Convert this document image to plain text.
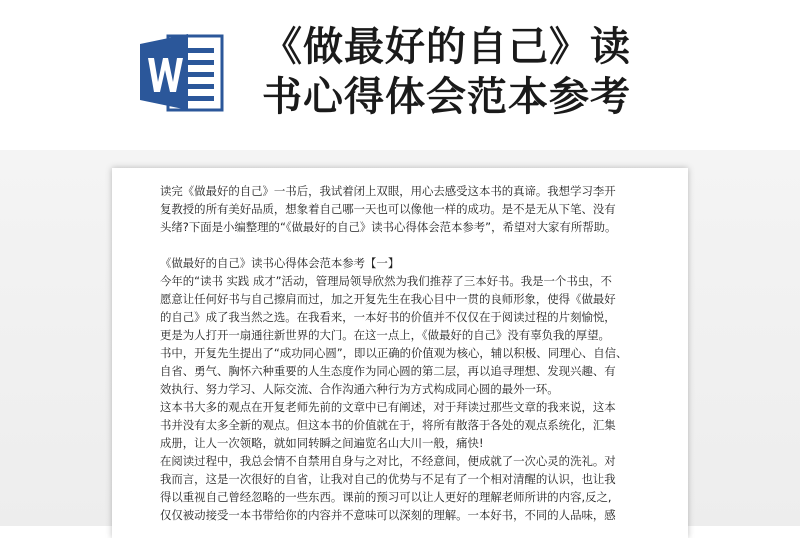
《做最好的自己》读
书心得体会范本参考
读完《做最好的自己》一书后，我试着闭上双眼，用心去感受这本书的真谛。我想学习李开
复教授的所有美好品质，想象着自己哪一天也可以像他一样的成功。是不是无从下笔、没有
头绪?下面是小编整理的“《做最好的自己》读书心得体会范本参考”，希望对大家有所帮助。
《做最好的自己》读书心得体会范本参考【一】
今年的“读书 实践 成才”活动，管理局领导欣然为我们推荐了三本好书。我是一个书虫，不
愿意让任何好书与自己擦肩而过，加之开复先生在我心目中一贯的良师形象，使得《做最好
的自己》成了我当然之选。在我看来，一本好书的价值并不仅仅在于阅读过程的片刻愉悦，
更是为人打开一扇通往新世界的大门。在这一点上，《做最好的自己》没有辜负我的厚望。
书中，开复先生提出了“成功同心圆”，即以正确的价值观为核心，辅以积极、同理心、自信、
自省、勇气、胸怀六种重要的人生态度作为同心圆的第二层，再以追寻理想、发现兴趣、有
效执行、努力学习、人际交流、合作沟通六种行为方式构成同心圆的最外一环。
这本书大多的观点在开复老师先前的文章中已有阐述，对于拜读过那些文章的我来说，这本
书并没有太多全新的观点。但这本书的价值就在于，将所有散落于各处的观点系统化，汇集
成册，让人一次领略，就如同转瞬之间遍览名山大川一般，痛快!
在阅读过程中，我总会情不自禁用自身与之对比，不经意间，便成就了一次心灵的洗礼。对
我而言，这是一次很好的自省，让我对自己的优势与不足有了一个相对清醒的认识，也让我
得以重视自己曾经忽略的一些东西。课前的预习可以让人更好的理解老师所讲的内容,反之,
仅仅被动接受一本书带给你的内容并不意味可以深刻的理解。一本好书，不同的人品味，感
